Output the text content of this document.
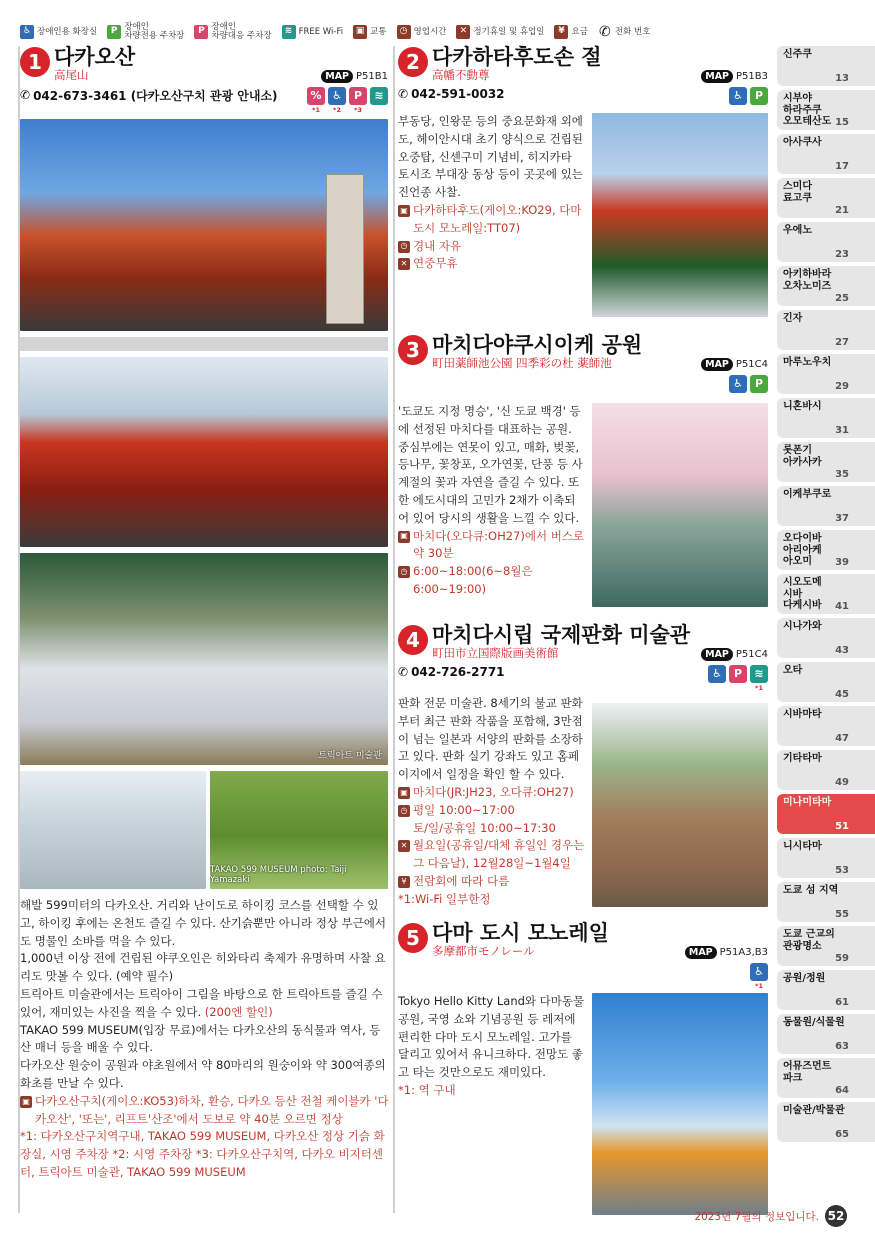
♿ 장애인용 화장실	P 장애인
차량전용 주차장	P 장애인
차량대응 주차장	≋ FREE Wi-Fi	▣ 교통	◷ 영업시간	✕ 정기휴일 및 휴업일	¥ 요금 ✆ 전화 번호
1 다카오산
高尾山	MAP P51B1
✆ 042-673-3461 (다카오산구치 관광 안내소)	%
*1
♿
*2
P
*3
≋
트릭아트 미술관
TAKAO 599 MUSEUM photo: Taiji Yamazaki

해발 599미터의 다카오산. 거리와 난이도로 하이킹 코스를 선택할 수 있고, 하이킹 후에는 온천도 즐길 수 있다. 산기슭뿐만 아니라 정상 부근에서도 명물인 소바를 먹을 수 있다.

1,000년 이상 전에 건립된 야쿠오인은 히와타리 축제가 유명하며 사찰 요리도 맛볼 수 있다. (예약 필수)

트릭아트 미술관에서는 트릭아이 그림을 바탕으로 한 트릭아트를 즐길 수 있어, 재미있는 사진을 찍을 수 있다. (200엔 할인)

TAKAO 599 MUSEUM(입장 무료)에서는 다카오산의 동식물과 역사, 등산 매너 등을 배울 수 있다.

다카오산 원숭이 공원과 야초원에서 약 80마리의 원숭이와 약 300여종의 화초를 만날 수 있다.

▣ 다카오산구치(게이오:KO53)하차, 환승, 다카오 등산 전철 케이블카 '다카오산', '또는', 리프트'산조'에서 도보로 약 40분 오르면 정상

*1: 다카오산구치역구내, TAKAO 599 MUSEUM, 다카오산 정상 기슭 화장실, 시영 주차장 *2: 시영 주차장 *3: 다카오산구치역, 다카오 비지터센터, 트릭아트 미술관, TAKAO 599 MUSEUM

2 다카하타후도손 절
高幡不動尊	MAP P51B3
✆ 042-591-0032	♿	P

부동당, 인왕문 등의 중요문화재 외에도, 헤이안시대 초기 양식으로 건립된 오중탑, 신센구미 기념비, 히지카타 토시조 부대장 동상 등이 곳곳에 있는 진언종 사찰.

▣ 다카하타후도(게이오:KO29, 다마도시 모노레일:TT07)
◷ 경내 자유
✕ 연중무휴
3 마치다야쿠시이케 공원
町田薬師池公園 四季彩の杜 薬師池	MAP P51C4
♿	P

'도쿄도 지정 명승', '신 도쿄 백경' 등에 선정된 마치다를 대표하는 공원. 중심부에는 연못이 있고, 매화, 벚꽃, 등나무, 꽃창포, 오가연꽃, 단풍 등 사계절의 꽃과 자연을 즐길 수 있다. 또한 에도시대의 고민가 2채가 이축되어 있어 당시의 생활을 느낄 수 있다.

▣ 마치다(오다큐:OH27)에서 버스로 약 30분
◷ 6:00~18:00(6~8월은 6:00~19:00)
4 마치다시립 국제판화 미술관
町田市立国際版画美術館	MAP P51C4
✆ 042-726-2771	♿	P	≋
*1

판화 전문 미술관. 8세기의 불교 판화부터 최근 판화 작품을 포함해, 3만점이 넘는 일본과 서양의 판화를 소장하고 있다. 판화 실기 강좌도 있고 홈페이지에서 일정을 확인 할 수 있다.

▣ 마치다(JR:JH23, 오다큐:OH27)
◷ 평일 10:00~17:00
토/일/공휴일 10:00~17:30
✕ 월요일(공휴일/대체 휴일인 경우는 그 다음날), 12월28일~1월4일
¥ 전람회에 따라 다름

*1:Wi-Fi 일부한정

5 다마 도시 모노레일
多摩都市モノレール	MAP P51A3,B3
♿
*1

Tokyo Hello Kitty Land와 다마동물공원, 국영 쇼와 기념공원 등 레저에 편리한 다마 도시 모노레일. 고가를 달리고 있어서 유니크하다. 전망도 좋고 타는 것만으로도 재미있다.

*1: 역 구내

신주쿠
13
시부야
하라주쿠
오모테산도 15
아사쿠사
17
스미다
료고쿠
21
우에노
23
아키하바라
오차노미즈
25
긴자
27
마루노우치
29
니혼바시
31
롯폰기
아카사카
35
이케부쿠로
37
오다이바
아리아케
아오미	39
시오도메
시바
다케시바	41
시나가와
43
오타
45
시바마타
47
기타타마
49
미나미타마
51
니시타마
53
도쿄 섬 지역
55
도쿄 근교의
관광명소
59
공원/정원
61
동물원/식물원
63
어뮤즈먼트
파크
64
미술관/박물관
65
2023년 7월의 정보입니다. 52
